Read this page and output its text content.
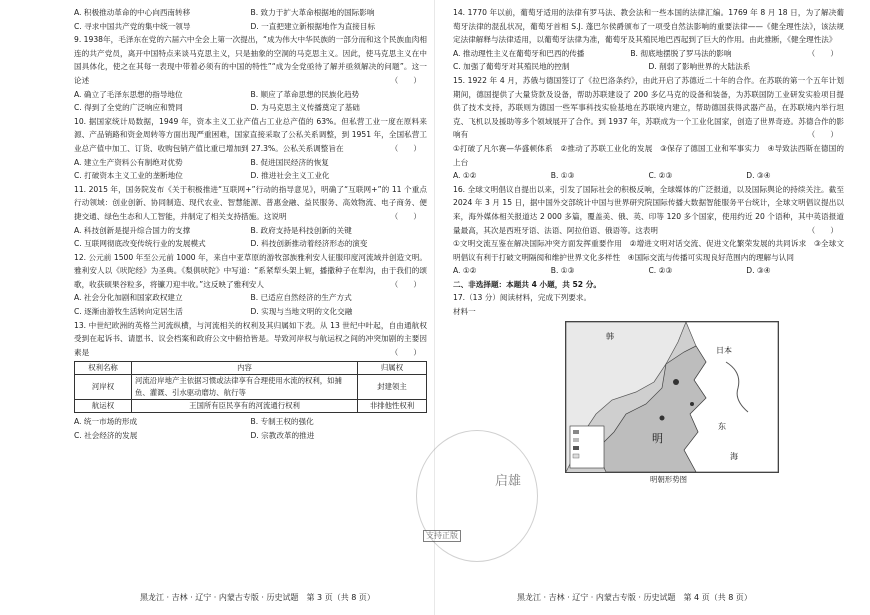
A. 积极推动革命的中心向西南转移	B. 致力于扩大革命根据地的国际影响
C. 寻求中国共产党的集中统一领导	D. 一直把建立新根据地作为直接目标

9. 1938年，毛泽东在党的六届六中全会上第一次提出，“成为伟大中华民族的一部分而和这个民族血肉相连的共产党员，离开中国特点来谈马克思主义，只是抽象的空洞的马克思主义。因此，使马克思主义在中国具体化，使之在其每一表现中带着必须有的中国的特性”“成为全党亟待了解并亟须解决的问题”。这一论述	（　　）

A. 确立了毛泽东思想的指导地位	B. 顺应了革命思想的民族化趋势
C. 得到了全党的广泛响应和赞同	D. 为马克思主义传播奠定了基础

10. 据国家统计局数据，1949 年，资本主义工业产值占工业总产值的 63%。但私营工业一度在原料来源、产品销路和资金周转等方面出现严重困难，国家直接采取了公私关系调整，到 1951 年，全国私营工业总产值中加工、订货、收购包销产值比重已增加到 27.3%。公私关系调整旨在	（　　）

A. 建立生产资料公有制绝对优势	B. 促进国民经济的恢复
C. 打破资本主义工业的垄断地位	D. 推进社会主义工业化

11. 2015 年，国务院发布《关于积极推进“互联网+”行动的指导意见》，明确了“互联网+”的 11 个重点行动领域：创业创新、协同制造、现代农业、智慧能源、普惠金融、益民服务、高效物流、电子商务、便捷交通、绿色生态和人工智能，并制定了相关支持措施。这说明	（　　）

A. 科技创新是提升综合国力的支撑	B. 政府支持是科技创新的关键
C. 互联网彻底改变传统行业的发展模式	D. 科技创新推动着经济形态的演变

12. 公元前 1500 年至公元前 1000 年，来自中亚草原的游牧部族雅利安人征服印度河流域并创造文明。雅利安人以《吠陀经》为圣典。《梨俱吠陀》中写道：“系紧犁头架上轭，播撒种子在犁沟，由于我们的颂歌，收获硕果谷粒多，将镰刀迎丰收。”这反映了雅利安人	（　　）

A. 社会分化加剧和国家政权建立	B. 已适应自然经济的生产方式
C. 逐渐由游牧生活转向定居生活	D. 实现与当地文明的文化交融

13. 中世纪欧洲的英格兰河流纵横，与河流相关的权利及其归属如下表。从 13 世纪中叶起，自由通航权受到在起诉书、请愿书、议会档案和政府公文中俯拾皆是。导致河岸权与航运权之间的冲突加剧的主要因素是	（　　）

权利名称	内容	归属权
河岸权	河流沿岸地产主依据习惯或法律享有合理使用水流的权利，如捕鱼、灌溉、引水驱动磨坊、航行等	封建领主
航运权	王国所有臣民享有的河流通行权利	非排他性权利
A. 统一市场的形成	B. 专制王权的强化
C. 社会经济的发展	D. 宗教改革的推进
黑龙江 · 吉林 · 辽宁 · 内蒙古专版 · 历史试题　第 3 页（共 8 页）

14. 1770 年以前，葡萄牙适用的法律有罗马法、教会法和一些本国的法律汇编。1769 年 8 月 18 日，为了解决葡萄牙法律的混乱状况，葡萄牙首相 S.J. 蓬巴尔侯爵颁布了一项受自然法影响的重要法律——《健全理性法》，该法规定法律解释与法律适用，以葡萄牙法律为准，葡萄牙及其殖民地巴西起到了巨大的作用。由此推断，《健全理性法》
（　　）

A. 推动理性主义在葡萄牙和巴西的传播	B. 彻底地摆脱了罗马法的影响
C. 加强了葡萄牙对其殖民地的控制	D. 削弱了影响世界的大陆法系

15. 1922 年 4 月，苏俄与德国签订了《拉巴洛条约》，由此开启了苏德近二十年的合作。在苏联的第一个五年计划期间，德国提供了大量贷款及设备，帮助苏联建设了 200 多亿马克的设备和装备，为苏联国防工业研发实验项目提供了技术支持，苏联则为德国一些军事科技实验基地在苏联境内建立，帮助德国获得武器产品，在苏联境内举行坦克、飞机以及援助等多个领域展开了合作。到 1937 年，苏联成为一个工业化国家，创造了世界奇迹。苏德合作的影响有	（　　）

①打破了凡尔赛—华盛顿体系　②推动了苏联工业化的发展　③保存了德国工业和军事实力　④导致法西斯在德国的上台

A. ①②	B. ①③	C. ②③	D. ③④

16. 全球文明倡议自提出以来，引发了国际社会的积极反响，全球媒体的广泛报道，以及国际舆论的持续关注。截至 2024 年 3 月 15 日，据中国外交部统计中国与世界研究院国际传播大数据智能服务平台统计，全球文明倡议提出以来，海外媒体相关报道达 2 000 多篇，覆盖美、俄、英、印等 120 多个国家，使用约近 20 个语种，其中英语报道量最高，其次是西班牙语、法语、阿拉伯语、俄语等。这表明	（　　）

①文明交流互鉴在解决国际冲突方面发挥重要作用　②增进文明对话交流、促进文化繁荣发展的共同诉求　③全球文明倡议有利于打破文明隔阂和维护世界文化多样性　④国际交流与传播可实现良好范围内的理解与认同

A. ①②	B. ①③	C. ②③	D. ③④

二、非选择题：本题共 4 小题，共 52 分。

17.（13 分）阅读材料，完成下列要求。

材料一

韩
日本
明
东
海

明朝形势图

黑龙江 · 吉林 · 辽宁 · 内蒙古专版 · 历史试题　第 4 页（共 8 页）
启雄
支持正版
